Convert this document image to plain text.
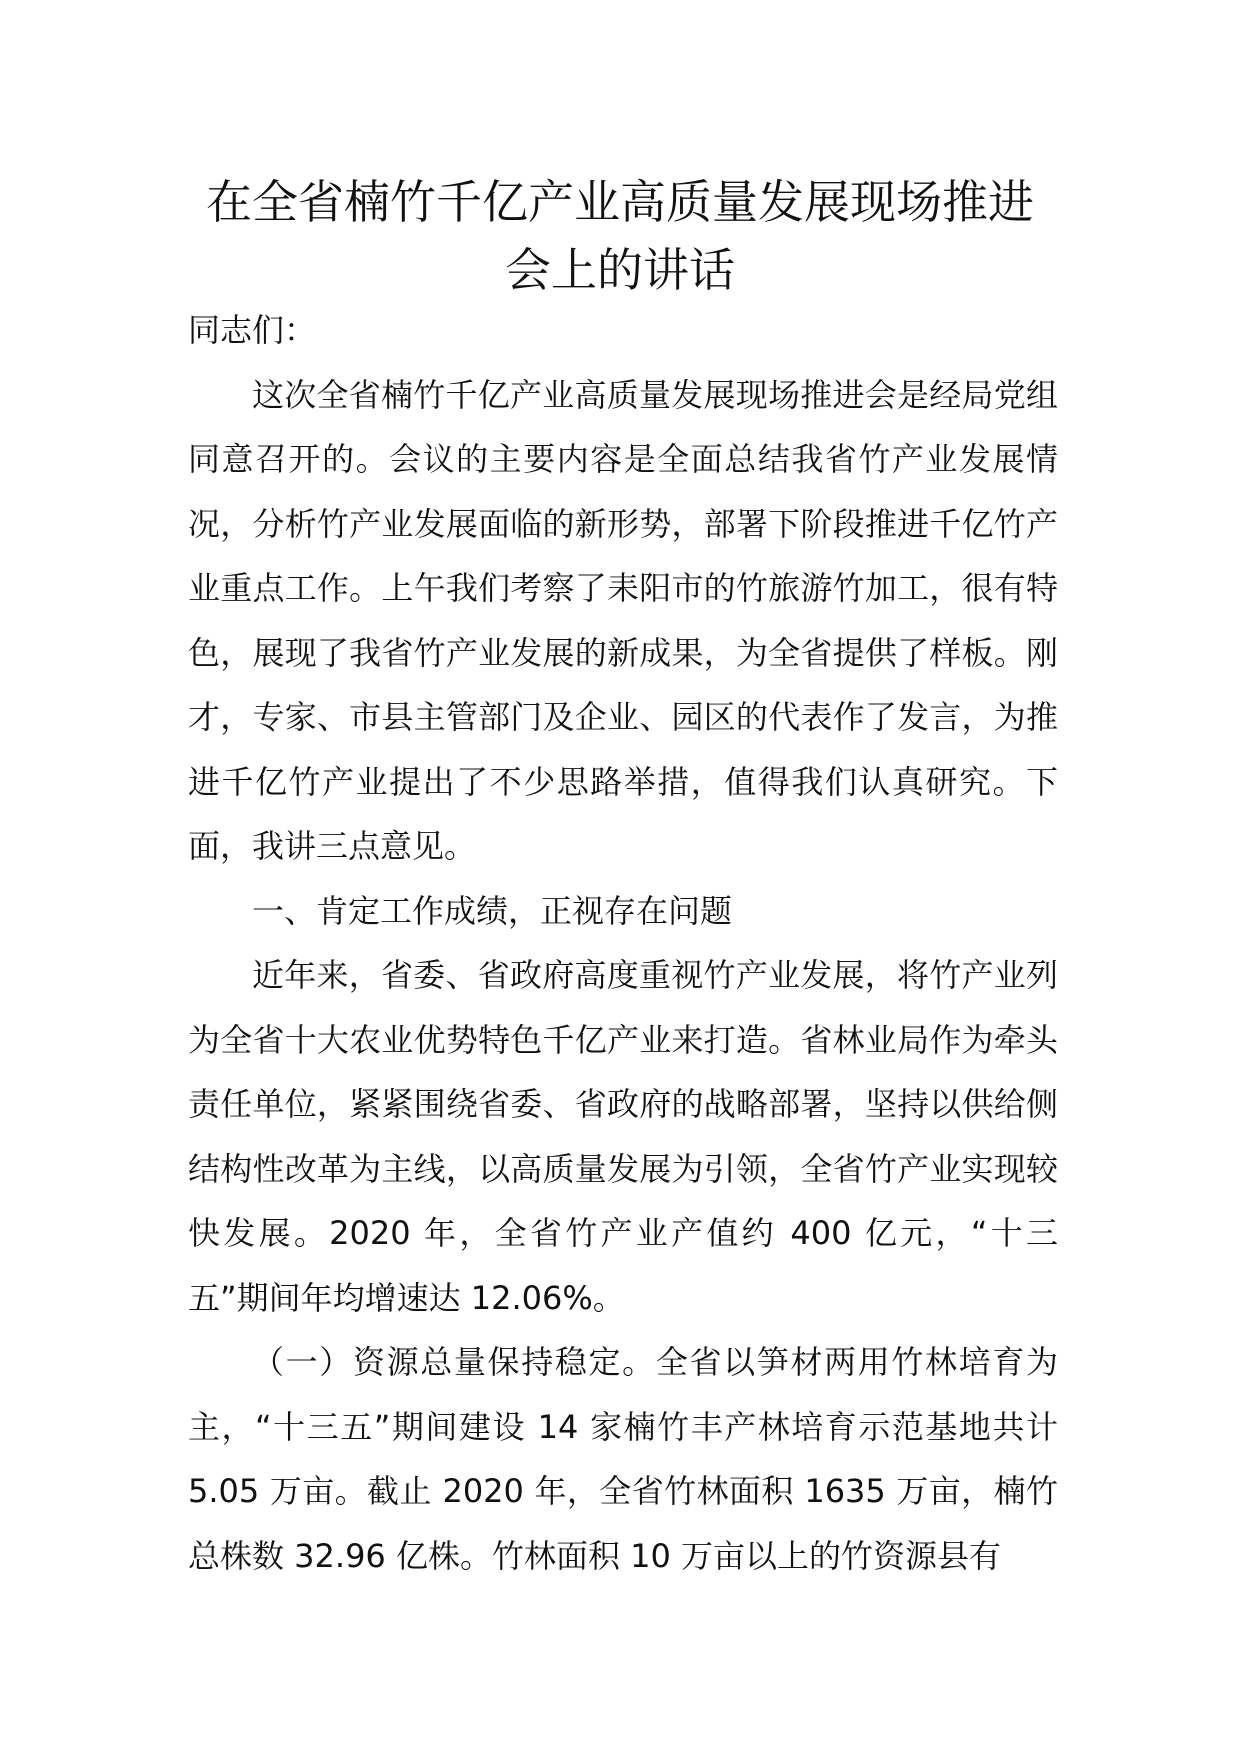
在全省楠竹千亿产业高质量发展现场推进
会上的讲话

同志们：

这次全省楠竹千亿产业高质量发展现场推进会是经局党组同意召开的。会议的主要内容是全面总结我省竹产业发展情况，分析竹产业发展面临的新形势，部署下阶段推进千亿竹产业重点工作。上午我们考察了耒阳市的竹旅游竹加工，很有特色，展现了我省竹产业发展的新成果，为全省提供了样板。刚才，专家、市县主管部门及企业、园区的代表作了发言，为推进千亿竹产业提出了不少思路举措，值得我们认真研究。下面，我讲三点意见。

一、肯定工作成绩，正视存在问题

近年来，省委、省政府高度重视竹产业发展，将竹产业列为全省十大农业优势特色千亿产业来打造。省林业局作为牵头责任单位，紧紧围绕省委、省政府的战略部署，坚持以供给侧结构性改革为主线，以高质量发展为引领，全省竹产业实现较快发展。2020 年，全省竹产业产值约 400 亿元，“十三五”期间年均增速达 12.06%。

（一）资源总量保持稳定。全省以笋材两用竹林培育为主，“十三五”期间建设 14 家楠竹丰产林培育示范基地共计 5.05 万亩。截止 2020 年，全省竹林面积 1635 万亩，楠竹总株数 32.96 亿株。竹林面积 10 万亩以上的竹资源县有
